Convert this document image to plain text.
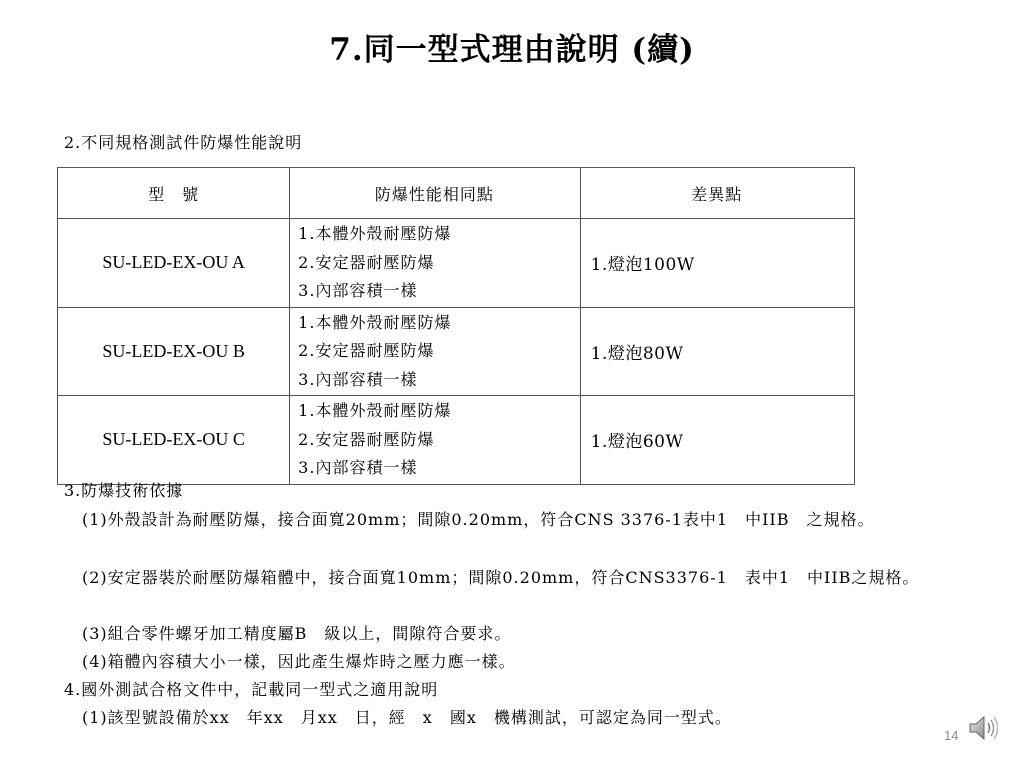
7.同一型式理由說明 (續)
2.不同規格測試件防爆性能說明
型　號	防爆性能相同點	差異點
SU-LED-EX-OU A	1.本體外殼耐壓防爆
2.安定器耐壓防爆
3.內部容積一樣	1.燈泡100W
SU-LED-EX-OU B	1.本體外殼耐壓防爆
2.安定器耐壓防爆
3.內部容積一樣	1.燈泡80W
SU-LED-EX-OU C	1.本體外殼耐壓防爆
2.安定器耐壓防爆
3.內部容積一樣	1.燈泡60W
3.防爆技術依據
(1)外殼設計為耐壓防爆，接合面寬20mm；間隙0.20mm，符合CNS 3376-1表中1　中IIB　之規格。
(2)安定器裝於耐壓防爆箱體中，接合面寬10mm；間隙0.20mm，符合CNS3376-1　表中1　中IIB之規格。
(3)組合零件螺牙加工精度屬B　級以上，間隙符合要求。
(4)箱體內容積大小一樣，因此產生爆炸時之壓力應一樣。
4.國外測試合格文件中，記載同一型式之適用說明
(1)該型號設備於xx　年xx　月xx　日，經　x　國x　機構測試，可認定為同一型式。
14
